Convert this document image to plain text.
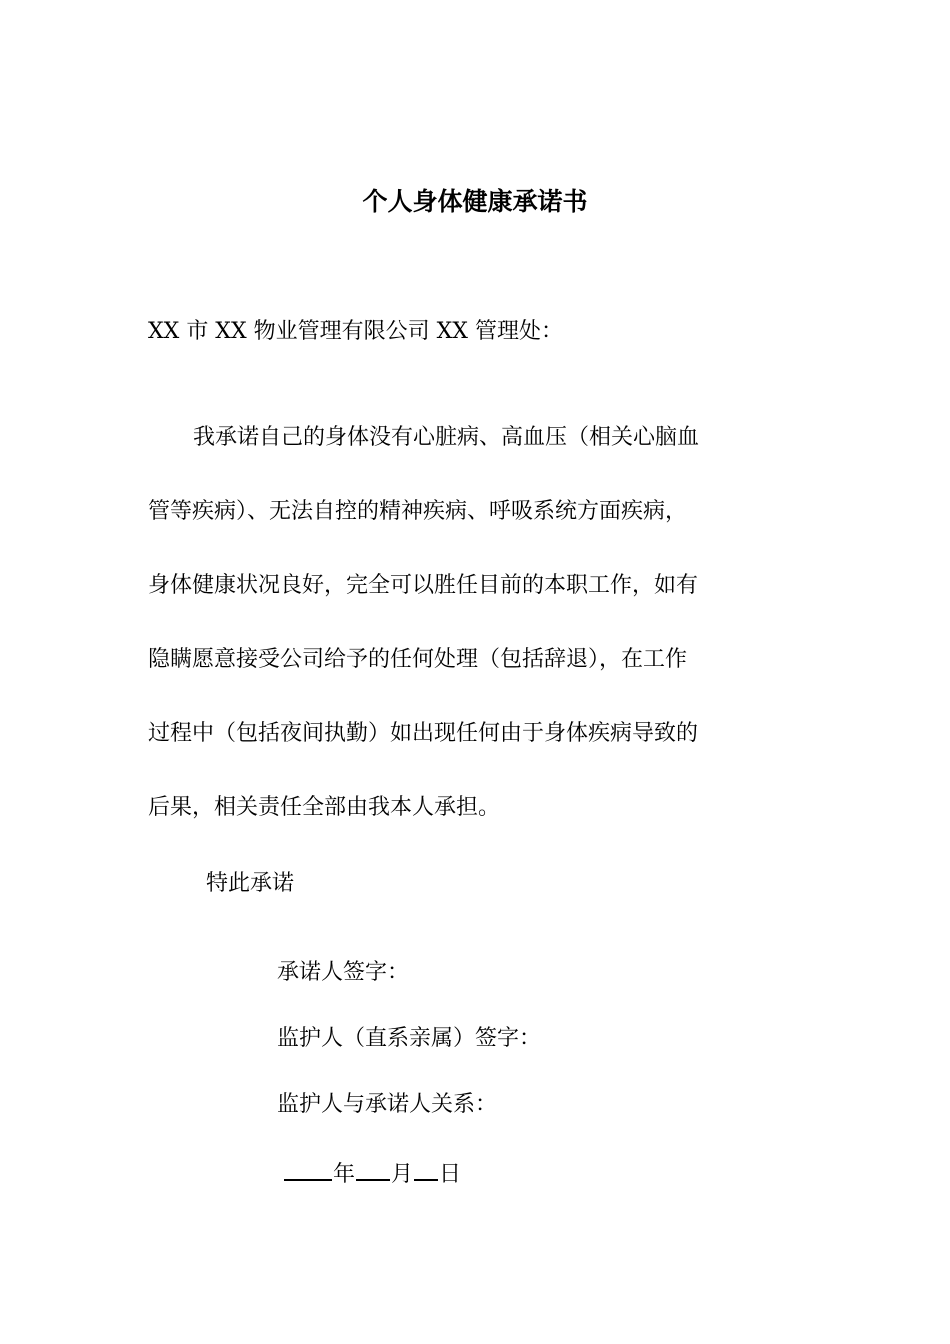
个人身体健康承诺书
XX 市 XX 物业管理有限公司 XX 管理处：
我承诺自己的身体没有心脏病、高血压（相关心脑血
管等疾病）、无法自控的精神疾病、呼吸系统方面疾病，
身体健康状况良好，完全可以胜任目前的本职工作，如有
隐瞒愿意接受公司给予的任何处理（包括辞退），在工作
过程中（包括夜间执勤）如出现任何由于身体疾病导致的
后果，相关责任全部由我本人承担。
特此承诺
承诺人签字：
监护人（直系亲属）签字：
监护人与承诺人关系：
年 月 日
